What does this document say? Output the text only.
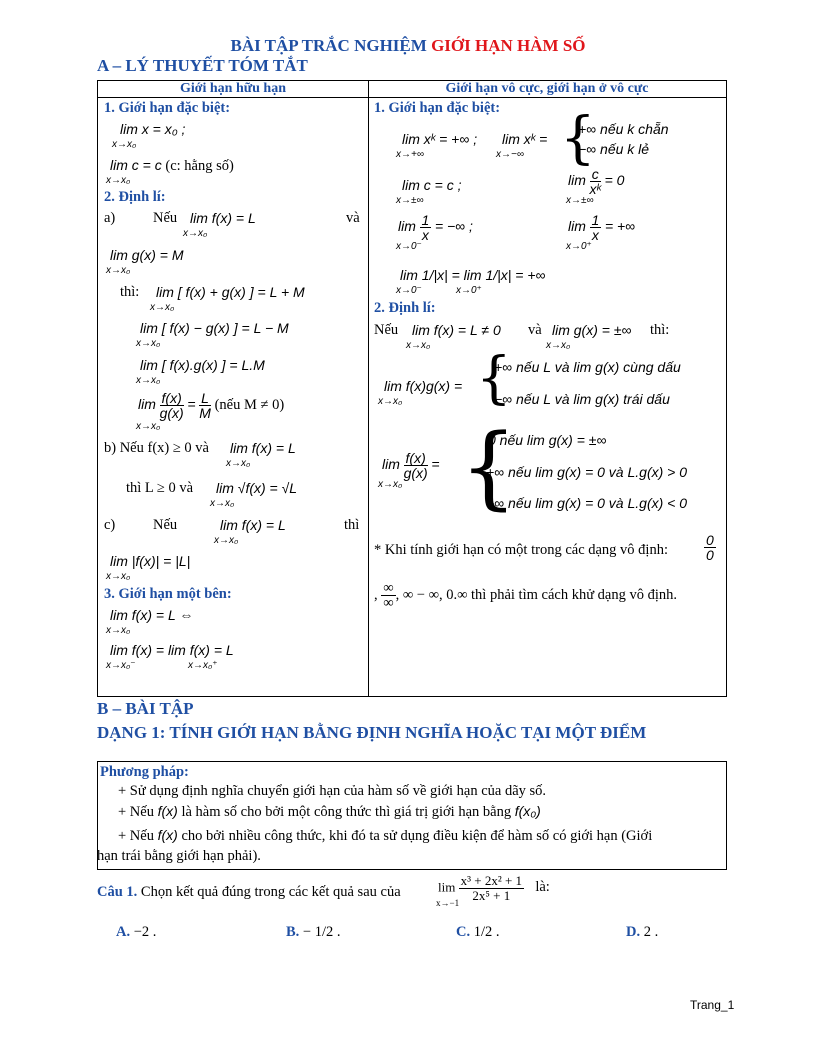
BÀI TẬP TRẮC NGHIỆM GIỚI HẠN HÀM SỐ
A – LÝ THUYẾT TÓM TẮT
Giới hạn hữu hạn	Giới hạn vô cực, giới hạn ở vô cực
1. Giới hạn đặc biệt:
lim x = x₀ ;
x→x₀
lim c = c (c: hằng số)
x→x₀
2. Định lí:
a)	Nếu lim f(x) = L
x→x₀
và
lim g(x) = M
x→x₀
thì: lim [ f(x) + g(x) ] = L + M
x→x₀
lim [ f(x) − g(x) ] = L − M
x→x₀
lim [ f(x).g(x) ] = L.M
x→x₀
$\lim \frac{f(x)}{g(x)} = \frac{L}{M}$ (nếu M ≠ 0)
x→x₀
b) Nếu f(x) ≥ 0 và lim f(x) = L
x→x₀
thì L ≥ 0 và lim √f(x) = √L
x→x₀
c)	Nếu	lim f(x) = L
x→x₀
thì
lim |f(x)| = |L|
x→x₀
3. Giới hạn một bên:
lim f(x) = L ⇔
x→x₀
lim f(x) = lim f(x) = L
x→x₀⁻	x→x₀⁺
1. Giới hạn đặc biệt:
lim xᵏ = +∞ ;
x→+∞
lim xᵏ =
x→−∞ {
+∞ nếu k chẵn
−∞ nếu k lẻ
lim c = c ;
x→±∞
$\lim \frac{c}{\text{xᵏ}} = 0$
x→±∞
$\lim \frac{1}{x}$ = −∞ ;
x→0⁻
$\lim \frac{1}{x}$ = +∞
x→0⁺
lim 1/|x| = lim 1/|x| = +∞
x→0⁻	x→0⁺
2. Định lí:
Nếu lim f(x) = L ≠ 0
x→x₀
và lim g(x) = ±∞
x→x₀
thì:
lim f(x)g(x) =
x→x₀ {
+∞ nếu L và lim g(x) cùng dấu
−∞ nếu L và lim g(x) trái dấu
$\lim \frac{f(x)}{g(x)}$ =
x→x₀ {
0 nếu lim g(x) = ±∞
+∞ nếu lim g(x) = 0 và L.g(x) > 0
−∞ nếu lim g(x) = 0 và L.g(x) < 0
* Khi tính giới hạn có một trong các dạng vô định:	$\frac{0}{0}$
, $\frac{\infty}{\infty}$ , ∞ − ∞, 0.∞ thì phải tìm cách khử dạng vô định.
B – BÀI TẬP
DẠNG 1: TÍNH GIỚI HẠN BẰNG ĐỊNH NGHĨA HOẶC TẠI MỘT ĐIỂM
Phương pháp:
+ Sử dụng định nghĩa chuyển giới hạn của hàm số về giới hạn của dãy số.
+ Nếu f(x) là hàm số cho bởi một công thức thì giá trị giới hạn bằng f(x₀)
+ Nếu f(x) cho bởi nhiều công thức, khi đó ta sử dụng điều kiện để hàm số có giới hạn (Giới
hạn trái bằng giới hạn phải).
Câu 1. Chọn kết quả đúng trong các kết quả sau của	$\lim \frac{\text{x³ + 2x² + 1}}{\text{2x⁵ + 1}}$ là:
x→−1
A. −2 .	B. − 1/2 .	C. 1/2 .	D. 2 .
Trang_1
